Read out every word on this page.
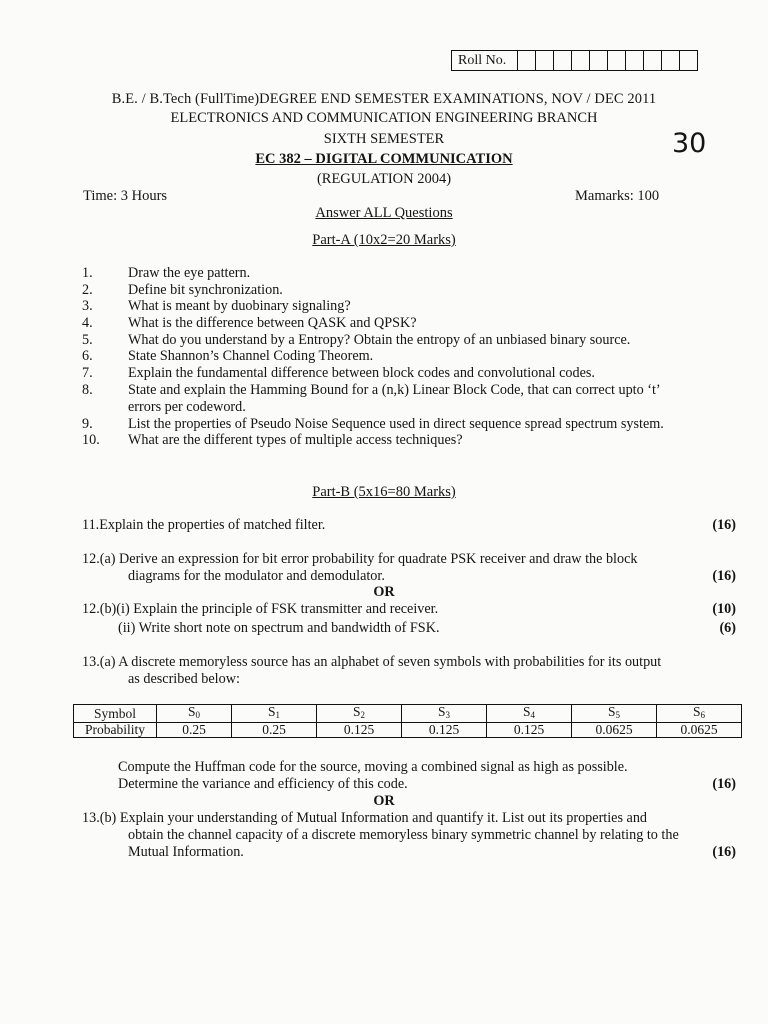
Roll No.
B.E. / B.Tech (FullTime)DEGREE END SEMESTER EXAMINATIONS, NOV / DEC 2011
ELECTRONICS AND COMMUNICATION ENGINEERING BRANCH
SIXTH SEMESTER	30
EC 382 – DIGITAL COMMUNICATION
(REGULATION 2004)
Time: 3 Hours	Mamarks: 100
Answer ALL Questions
Part-A (10x2=20 Marks)
1. Draw the eye pattern.
2. Define bit synchronization.
3. What is meant by duobinary signaling?
4. What is the difference between QASK and QPSK?
5. What do you understand by a Entropy? Obtain the entropy of an unbiased binary source.
6. State Shannon’s Channel Coding Theorem.
7. Explain the fundamental difference between block codes and convolutional codes.
8. State and explain the Hamming Bound for a (n,k) Linear Block Code, that can correct upto ‘t’
errors per codeword.
9. List the properties of Pseudo Noise Sequence used in direct sequence spread spectrum system.
10. What are the different types of multiple access techniques?
Part-B (5x16=80 Marks)
11.Explain the properties of matched filter.	(16)
12.(a) Derive an expression for bit error probability for quadrate PSK receiver and draw the block
diagrams for the modulator and demodulator.	(16)
OR
12.(b)(i) Explain the principle of FSK transmitter and receiver.	(10)
(ii) Write short note on spectrum and bandwidth of FSK.	(6)
13.(a) A discrete memoryless source has an alphabet of seven symbols with probabilities for its output
as described below:
Symbol	$S_0$	$S_1$	$S_2$	$S_3$	$S_4$	$S_5$	$S_6$
Probability	0.25	0.25	0.125	0.125	0.125	0.0625	0.0625
Compute the Huffman code for the source, moving a combined signal as high as possible.
Determine the variance and efficiency of this code.	(16)
OR
13.(b) Explain your understanding of Mutual Information and quantify it. List out its properties and
obtain the channel capacity of a discrete memoryless binary symmetric channel by relating to the
Mutual Information.	(16)
